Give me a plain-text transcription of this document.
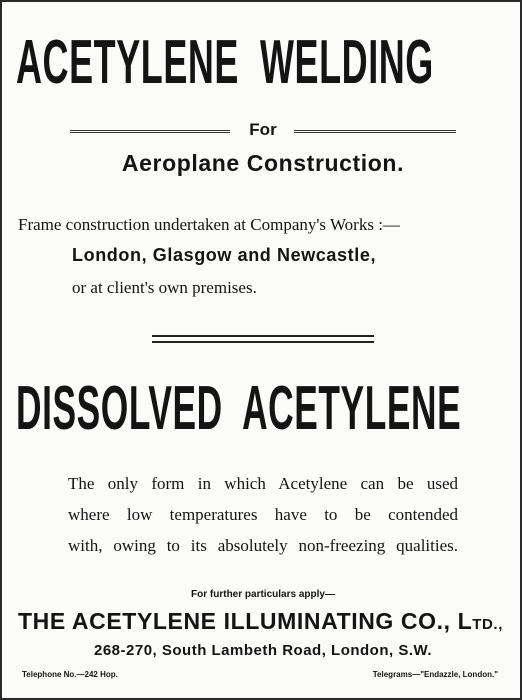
ACETYLENE WELDING
For
Aeroplane Construction.
Frame construction undertaken at Company's Works :—
London, Glasgow and Newcastle,
or at client's own premises.
DISSOLVED ACETYLENE
The only form in which Acetylene can be used
where low temperatures have to be contended
with, owing to its absolutely non-freezing qualities.
For further particulars apply—
THE ACETYLENE ILLUMINATING CO., LTD.,
268-270, South Lambeth Road, London, S.W.
Telephone No.—242 Hop.	Telegrams—"Endazzle, London."
